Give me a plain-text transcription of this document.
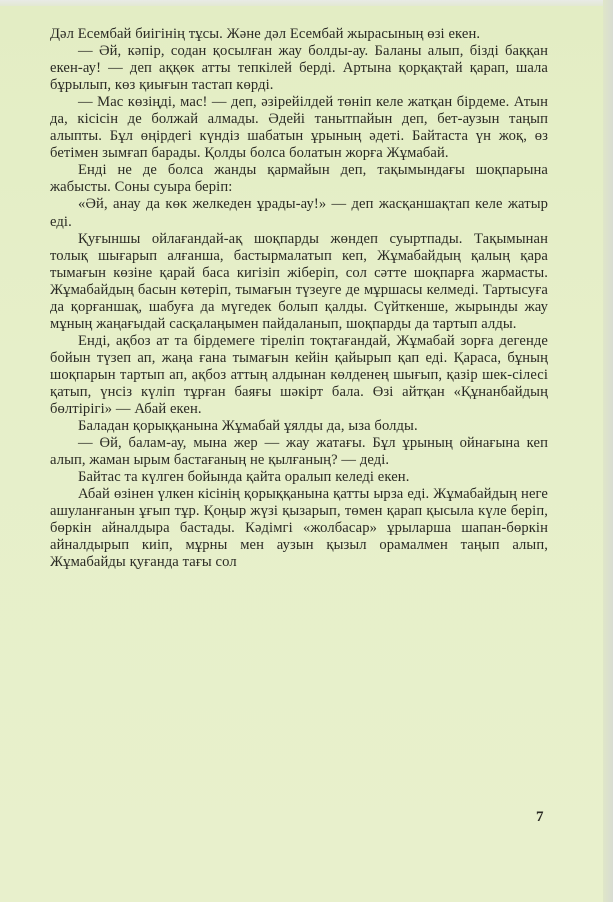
Дәл Есембай биігінің тұсы. Және дәл Есембай жырасының өзі екен.

— Әй, кәпір, содан қосылған жау болды-ау. Баланы алып, бізді баққан екен-ау! — деп аққөк атты тепкілей берді. Артына қорқақтай қарап, шала бұрылып, көз қиығын тастап көрді.

— Мас көзіңді, мас! — деп, әзірейілдей төніп келе жатқан бірдеме. Атын да, кісісін де болжай алмады. Әдейі танытпайын деп, бет-аузын таңып алыпты. Бұл өңірдегі күндіз шабатын ұрының әдеті. Байтаста үн жоқ, өз бетімен зымғап барады. Қолды болса болатын жорға Жұмабай.

Енді не де болса жанды қармайын деп, тақымындағы шоқпарына жабысты. Соны суыра беріп:

«Әй, анау да көк желкеден ұрады-ау!» — деп жасқаншақтап келе жатыр еді.

Қуғыншы ойлағандай-ақ шоқпарды жөндеп суыртпады. Тақымынан толық шығарып алғанша, бастырмалатып кеп, Жұмабайдың қалың қара тымағын көзіне қарай баса кигізіп жіберіп, сол сәтте шоқпарға жармасты. Жұмабайдың басын көтеріп, тымағын түзеуге де мұршасы келмеді. Тартысуға да қорғаншақ, шабуға да мүгедек болып қалды. Сүйткенше, жырынды жау мұның жаңағыдай сасқалаңымен пайдаланып, шоқпарды да тартып алды.

Енді, ақбоз ат та бірдемеге тіреліп тоқтағандай, Жұмабай зорға дегенде бойын түзеп ап, жаңа ғана тымағын кейін қайырып қап еді. Қараса, бұның шоқпарын тартып ап, ақбоз аттың алдынан көлденең шығып, қазір шек-сілесі қатып, үнсіз күліп тұрған баяғы шәкірт бала. Өзі айтқан «Құнанбайдың бөлтірігі» — Абай екен.

Баладан қорыққанына Жұмабай ұялды да, ыза болды.

— Өй, балам-ау, мына жер — жау жатағы. Бұл ұрының ойнағына кеп алып, жаман ырым бастағаның не қылғаның? — деді.

Байтас та күлген бойында қайта оралып келеді екен.

Абай өзінен үлкен кісінің қорыққанына қатты ырза еді. Жұмабайдың неге ашуланғанын ұғып тұр. Қоңыр жүзі қызарып, төмен қарап қысыла күле беріп, бөркін айналдыра бастады. Кәдімгі «жолбасар» ұрыларша шапан-бөркін айналдырып киіп, мұрны мен аузын қызыл орамалмен таңып алып, Жұмабайды қуғанда тағы сол

7
